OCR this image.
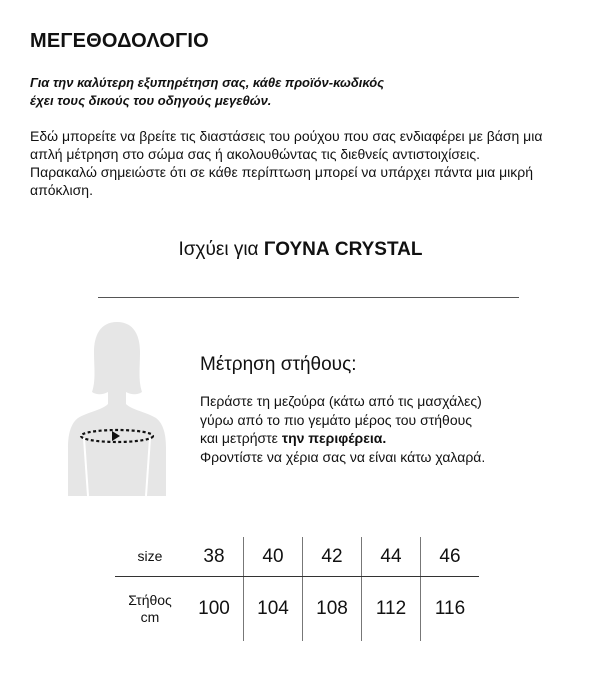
ΜΕΓΕΘΟΔΟΛΟΓΙΟ
Για την καλύτερη εξυπηρέτηση σας, κάθε προϊόν-κωδικός
έχει τους δικούς του οδηγούς μεγεθών.

Εδώ μπορείτε να βρείτε τις διαστάσεις του ρούχου που σας ενδιαφέρει με βάση μια απλή μέτρηση στο σώμα σας ή ακολουθώντας τις διεθνείς αντιστοιχίσεις.

Παρακαλώ σημειώστε ότι σε κάθε περίπτωση μπορεί να υπάρχει πάντα μια μικρή απόκλιση.

Ισχύει για ΓΟΥΝΑ CRYSTAL
Μέτρηση στήθους:
Περάστε τη μεζούρα (κάτω από τις μασχάλες)
γύρω από το πιο γεμάτο μέρος του στήθους
και μετρήστε την περιφέρεια.
Φροντίστε να χέρια σας να είναι κάτω χαλαρά.
size	38	40	42	44	46

Στήθος
cm	100	104	108	112	116
